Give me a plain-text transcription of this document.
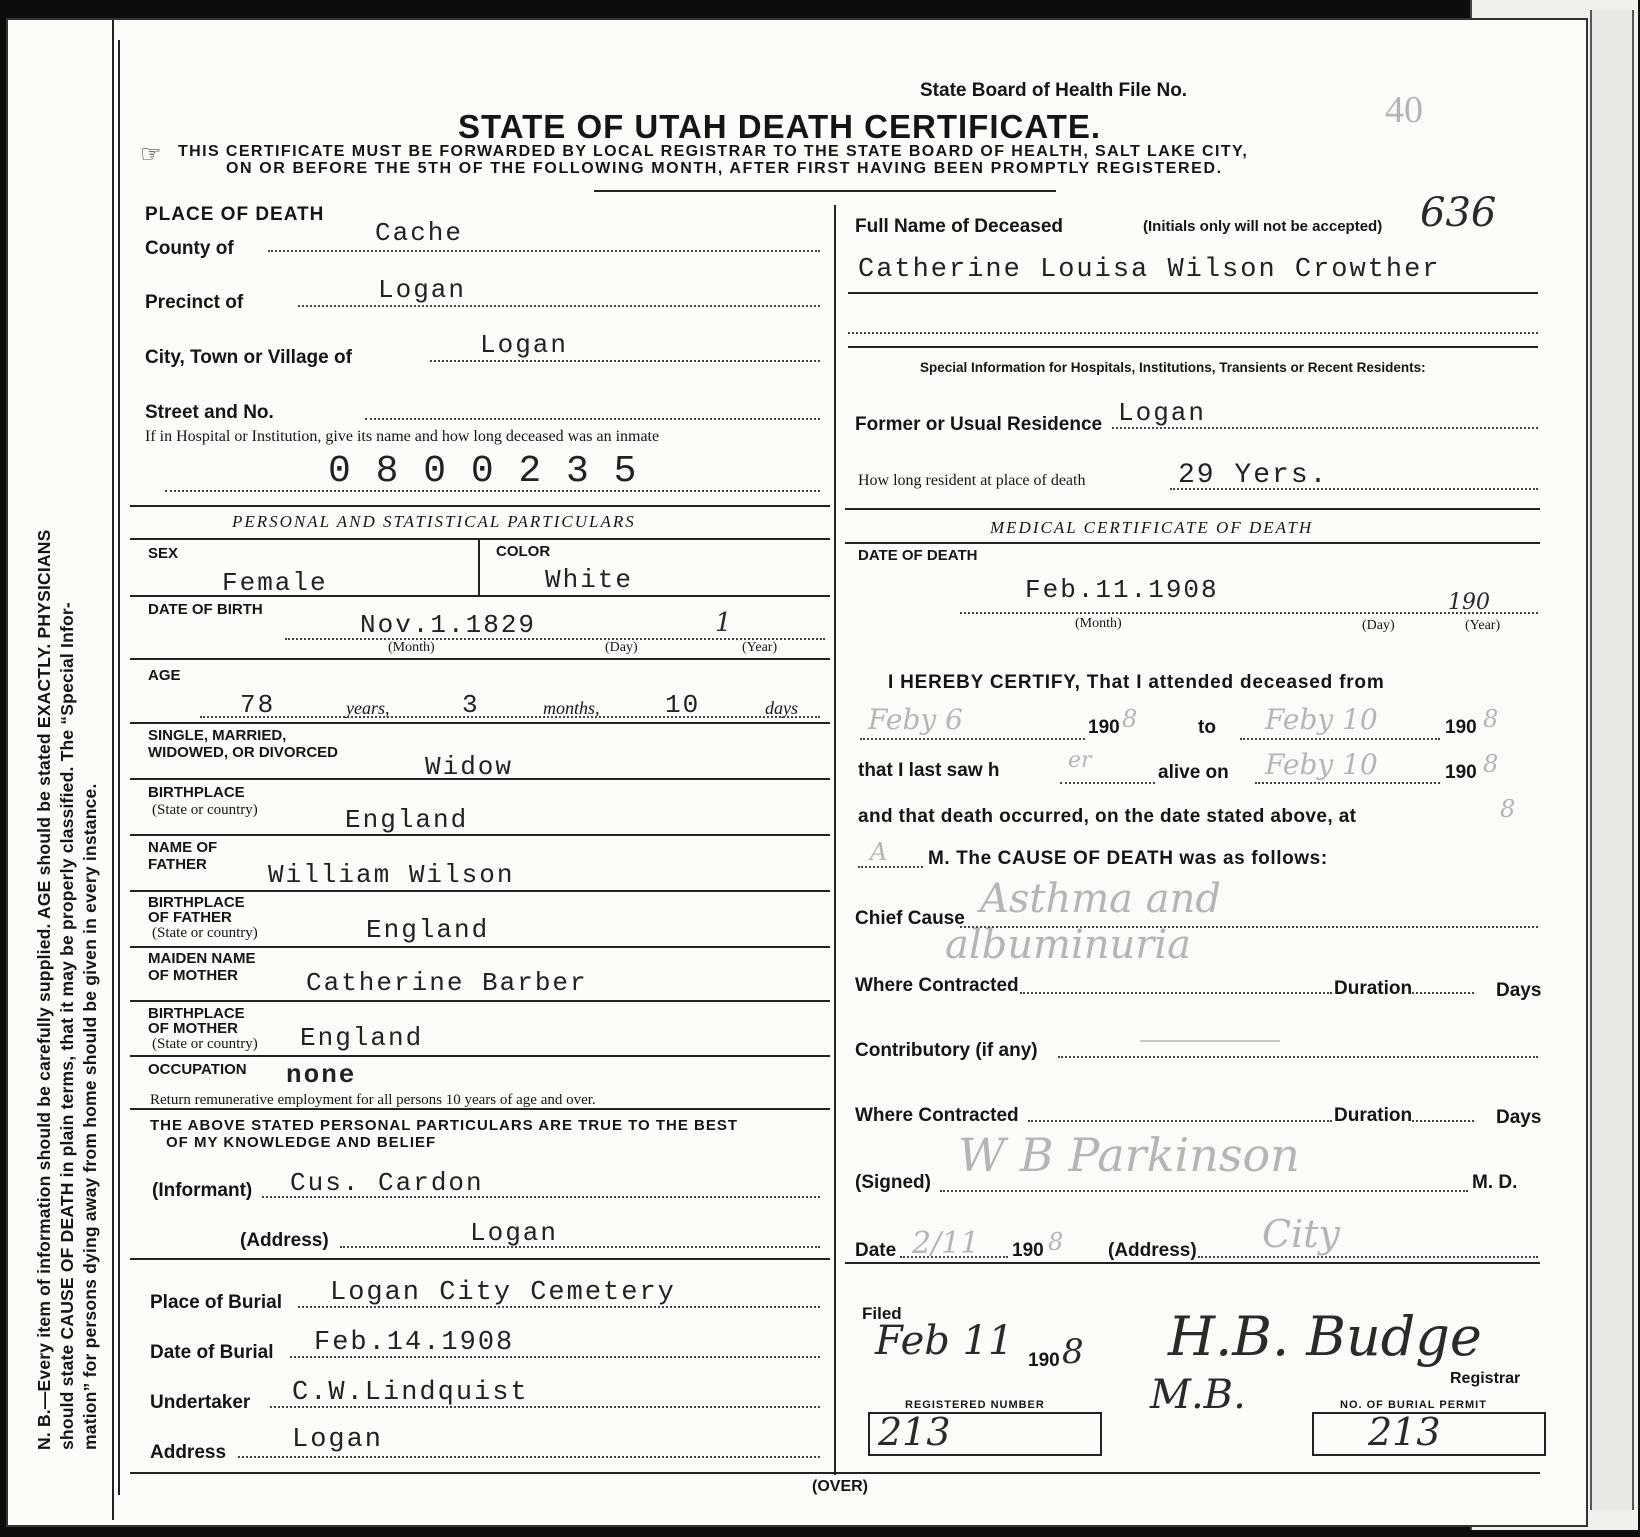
N. B.—Every item of information should be carefully supplied. AGE should be stated EXACTLY. PHYSICIANS should state CAUSE OF DEATH in plain terms, that it may be properly classified. The “Special Infor- mation” for persons dying away from home should be given in every instance.
State Board of Health File No.	40
STATE OF UTAH DEATH CERTIFICATE.
☞ THIS CERTIFICATE MUST BE FORWARDED BY LOCAL REGISTRAR TO THE STATE BOARD OF HEALTH, SALT LAKE CITY,
ON OR BEFORE THE 5TH OF THE FOLLOWING MONTH, AFTER FIRST HAVING BEEN PROMPTLY REGISTERED.
636
PLACE OF DEATH
County of
Cache
Precinct of	Logan
City, Town or Village of	Logan
Street and No.
If in Hospital or Institution, give its name and how long deceased was an inmate
0 8 0 0 2 3 5
Full Name of Deceased	(Initials only will not be accepted)
Catherine Louisa Wilson Crowther
Special Information for Hospitals, Institutions, Transients or Recent Residents:
Former or Usual Residence Logan
How long resident at place of death	29 Yers.
PERSONAL AND STATISTICAL PARTICULARS
SEX
Female
COLOR
White
DATE OF BIRTH
Nov.1.1829	1
(Month)	(Day)	(Year)
AGE
78	years,	3	months,	10	days
SINGLE, MARRIED,
WIDOWED, OR DIVORCED	Widow
BIRTHPLACE
(State or country)	England
NAME OF
FATHER William Wilson
BIRTHPLACE
OF FATHER
(State or country)	England
MAIDEN NAME
OF MOTHER	Catherine Barber
BIRTHPLACE
OF MOTHER
(State or country) England
OCCUPATION none
Return remunerative employment for all persons 10 years of age and over.
THE ABOVE STATED PERSONAL PARTICULARS ARE TRUE TO THE BEST
OF MY KNOWLEDGE AND BELIEF
(Informant) Cus. Cardon
(Address)	Logan
Place of Burial Logan City Cemetery
Date of Burial Feb.14.1908
Undertaker C.W.Lindquist
Address Logan
MEDICAL CERTIFICATE OF DEATH
DATE OF DEATH
Feb.11.1908	190
(Month)	(Day)	(Year)
I HEREBY CERTIFY, That I attended deceased from
Feby 6	190 8	to Feby 10	190 8
that I last saw h	er	alive on Feby 10	190 8
and that death occurred, on the date stated above, at	8
A M. The CAUSE OF DEATH was as follows:
Chief Cause Asthma and
albuminuria
Where Contracted	Duration	Days
Contributory (if any)
Where Contracted	Duration	Days
(Signed)
W B Parkinson
M. D.
Date 2/11 190 8 (Address) City
Filed
Feb 11 190 8 H.B. Budge
Registrar
M.B.
REGISTERED NUMBER
213
NO. OF BURIAL PERMIT
213
(OVER)
